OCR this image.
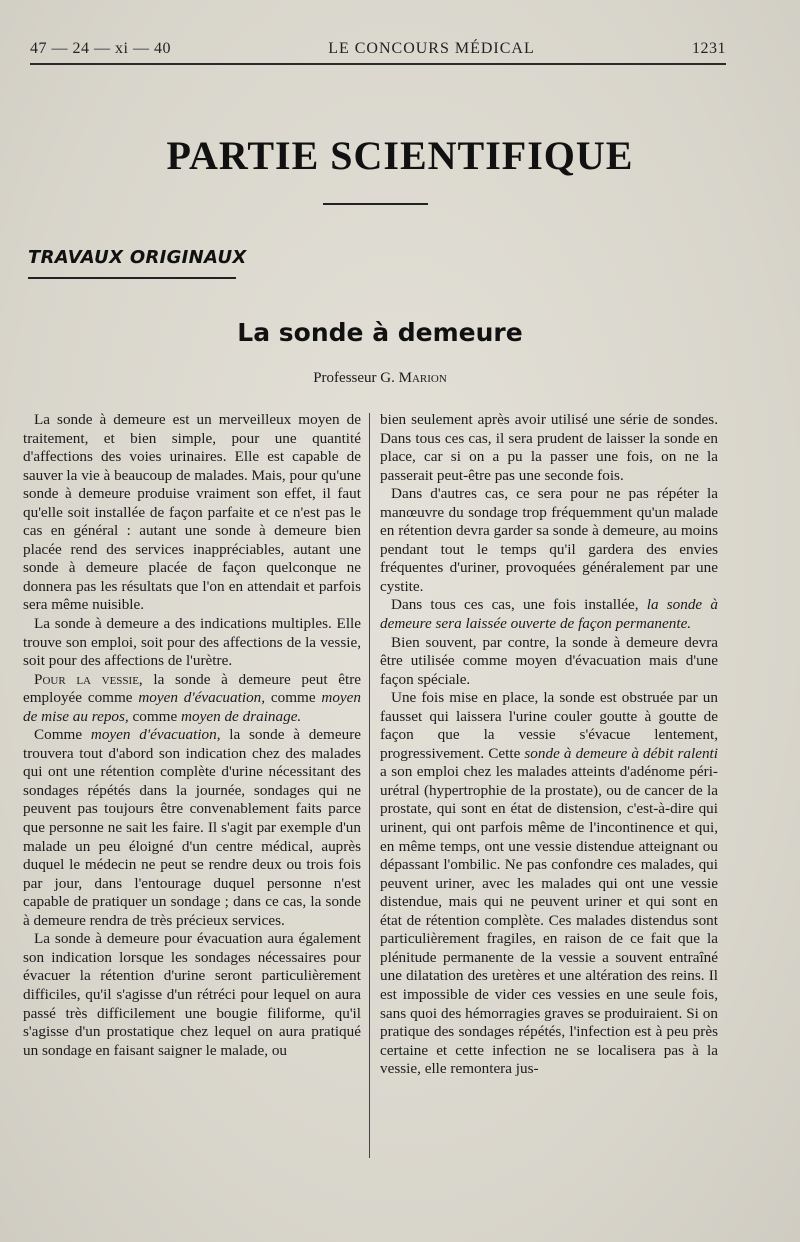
47 — 24 — xi — 40	LE CONCOURS MÉDICAL	1231
PARTIE SCIENTIFIQUE
TRAVAUX ORIGINAUX
La sonde à demeure
Professeur G. Marion

La sonde à demeure est un merveilleux moyen de traitement, et bien simple, pour une quantité d'affections des voies urinaires. Elle est capable de sauver la vie à beaucoup de malades. Mais, pour qu'une sonde à demeure produise vraiment son effet, il faut qu'elle soit installée de façon parfaite et ce n'est pas le cas en général : autant une sonde à demeure bien placée rend des services inappréciables, autant une sonde à demeure placée de façon quelconque ne donnera pas les résultats que l'on en attendait et parfois sera même nuisible.

La sonde à demeure a des indications multiples. Elle trouve son emploi, soit pour des affections de la vessie, soit pour des affections de l'urètre.

Pour la vessie, la sonde à demeure peut être employée comme moyen d'évacuation, comme moyen de mise au repos, comme moyen de drainage.

Comme moyen d'évacuation, la sonde à demeure trouvera tout d'abord son indication chez des malades qui ont une rétention complète d'urine nécessitant des sondages répétés dans la journée, sondages qui ne peuvent pas toujours être convenablement faits parce que personne ne sait les faire. Il s'agit par exemple d'un malade un peu éloigné d'un centre médical, auprès duquel le médecin ne peut se rendre deux ou trois fois par jour, dans l'entourage duquel personne n'est capable de pratiquer un sondage ; dans ce cas, la sonde à demeure rendra de très précieux services.

La sonde à demeure pour évacuation aura également son indication lorsque les sondages nécessaires pour évacuer la rétention d'urine seront particulièrement difficiles, qu'il s'agisse d'un rétréci pour lequel on aura passé très difficilement une bougie filiforme, qu'il s'agisse d'un prostatique chez lequel on aura pratiqué un sondage en faisant saigner le malade, ou

bien seulement après avoir utilisé une série de sondes. Dans tous ces cas, il sera prudent de laisser la sonde en place, car si on a pu la passer une fois, on ne la passerait peut-être pas une seconde fois.

Dans d'autres cas, ce sera pour ne pas répéter la manœuvre du sondage trop fréquemment qu'un malade en rétention devra garder sa sonde à demeure, au moins pendant tout le temps qu'il gardera des envies fréquentes d'uriner, provoquées généralement par une cystite.

Dans tous ces cas, une fois installée, la sonde à demeure sera laissée ouverte de façon permanente.

Bien souvent, par contre, la sonde à demeure devra être utilisée comme moyen d'évacuation mais d'une façon spéciale.

Une fois mise en place, la sonde est obstruée par un fausset qui laissera l'urine couler goutte à goutte de façon que la vessie s'évacue lentement, progressivement. Cette sonde à demeure à débit ralenti a son emploi chez les malades atteints d'adénome péri-urétral (hypertrophie de la prostate), ou de cancer de la prostate, qui sont en état de distension, c'est-à-dire qui urinent, qui ont parfois même de l'incontinence et qui, en même temps, ont une vessie distendue atteignant ou dépassant l'ombilic. Ne pas confondre ces malades, qui peuvent uriner, avec les malades qui ont une vessie distendue, mais qui ne peuvent uriner et qui sont en état de rétention complète. Ces malades distendus sont particulièrement fragiles, en raison de ce fait que la plénitude permanente de la vessie a souvent entraîné une dilatation des uretères et une altération des reins. Il est impossible de vider ces vessies en une seule fois, sans quoi des hémorragies graves se produiraient. Si on pratique des sondages répétés, l'infection est à peu près certaine et cette infection ne se localisera pas à la vessie, elle remontera jus-
